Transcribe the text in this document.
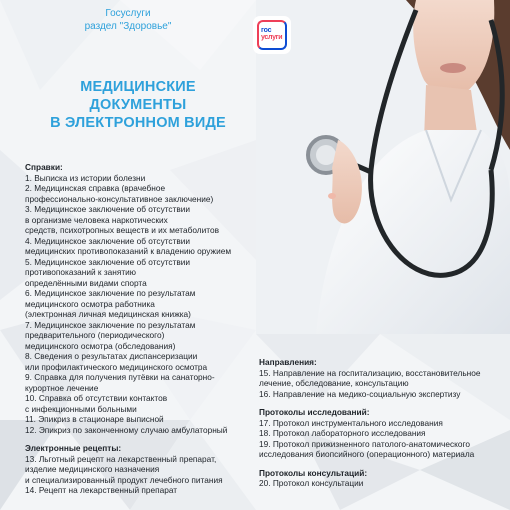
Госуслуги
раздел "Здоровье"
МЕДИЦИНСКИЕ
ДОКУМЕНТЫ
В ЭЛЕКТРОННОМ ВИДЕ
гос
услуги
Справки:
1. Выписка из истории болезни
2. Медицинская справка (врачебное
профессионально-консультативное заключение)
3. Медицинское заключение об отсутствии
в организме человека наркотических
средств, психотропных веществ и их метаболитов
4. Медицинское заключение об отсутствии
медицинских противопоказаний к владению оружием
5. Медицинское заключение об отсутствии
противопоказаний к занятию
определёнными видами спорта
6. Медицинское заключение по результатам
медицинского осмотра работника
(электронная личная медицинская книжка)
7. Медицинское заключение по результатам
предварительного (периодического)
медицинского осмотра (обследования)
8. Сведения о результатах диспансеризации
или профилактического медицинского осмотра
9. Справка для получения путёвки на санаторно-
курортное лечение
10. Справка об отсутствии контактов
с инфекционными больными
11. Эпикриз в стационаре выписной
12. Эпикриз по законченному случаю амбулаторный
Электронные рецепты:
13. Льготный рецепт на лекарственный препарат,
изделие медицинского назначения
и специализированный продукт лечебного питания
14. Рецепт на лекарственный препарат
Направления:
15. Направление на госпитализацию, восстановительное
лечение, обследование, консультацию
16. Направление на медико-социальную экспертизу
Протоколы исследований:
17. Протокол инструментального исследования
18. Протокол лабораторного исследования
19. Протокол прижизненного патолого-анатомического
исследования биопсийного (операционного) материала
Протоколы консультаций:
20. Протокол консультации
